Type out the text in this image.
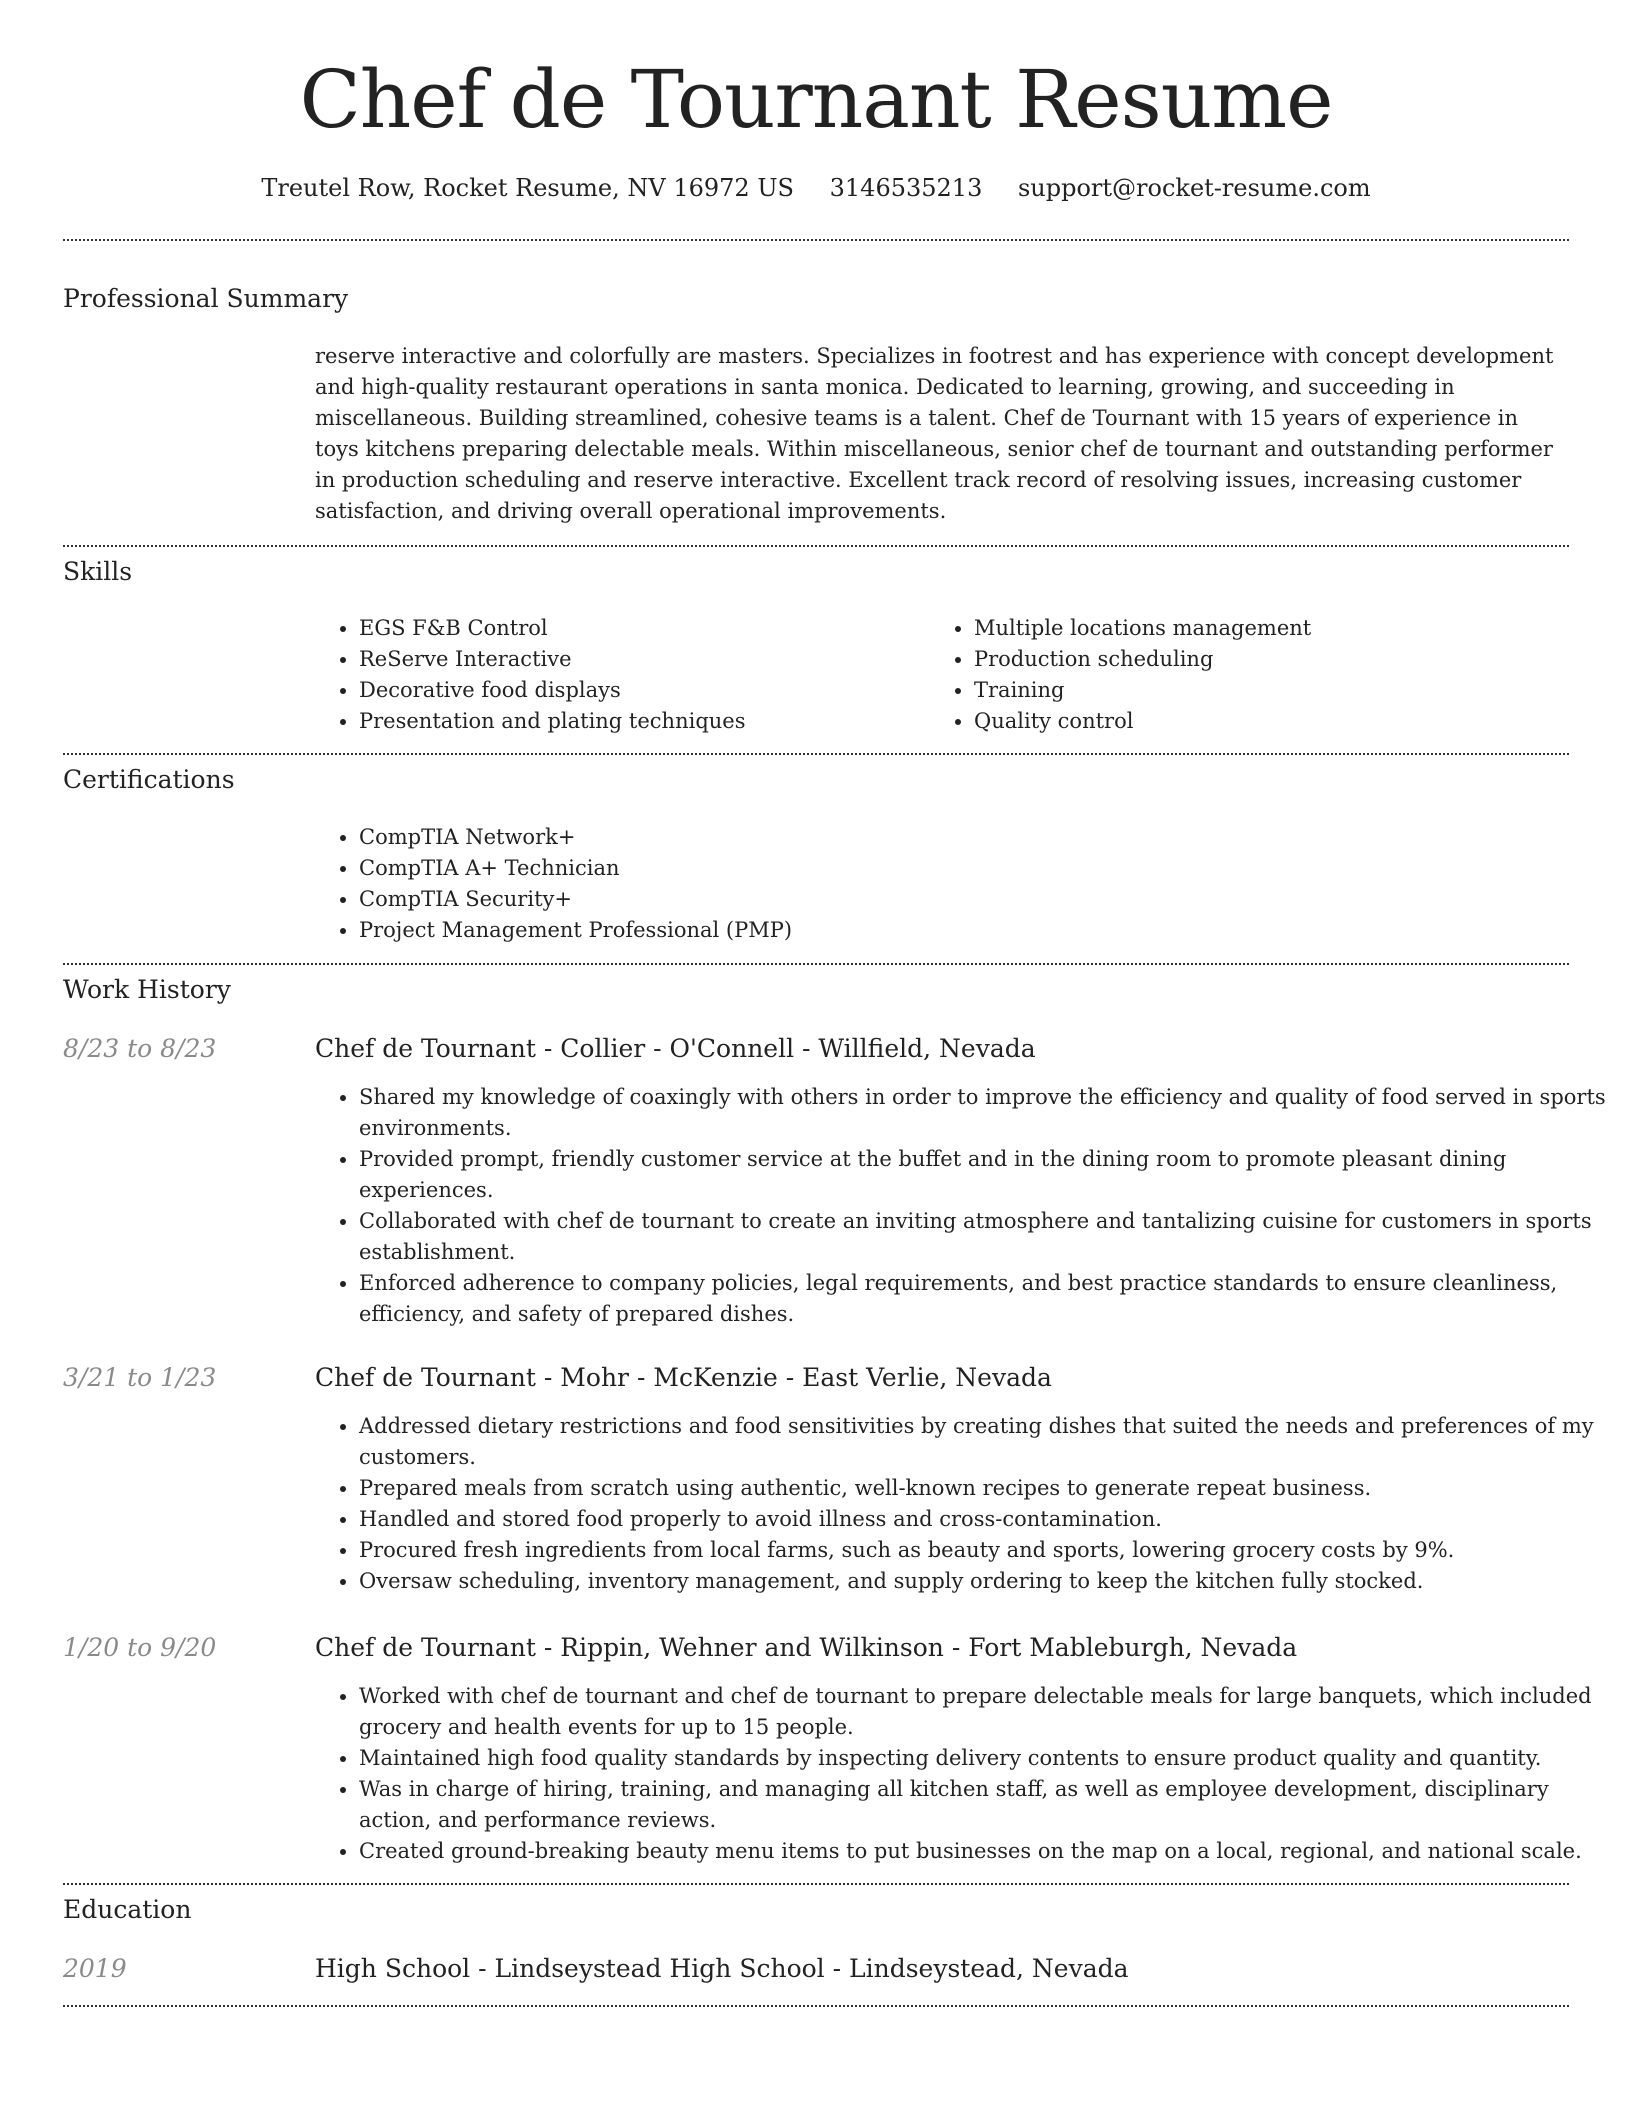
Chef de Tournant Resume
Treutel Row, Rocket Resume, NV 16972 US 3146535213 support@rocket-resume.com
Professional Summary

reserve interactive and colorfully are masters. Specializes in footrest and has experience with concept development and high-quality restaurant operations in santa monica. Dedicated to learning, growing, and succeeding in miscellaneous. Building streamlined, cohesive teams is a talent. Chef de Tournant with 15 years of experience in toys kitchens preparing delectable meals. Within miscellaneous, senior chef de tournant and outstanding performer in production scheduling and reserve interactive. Excellent track record of resolving issues, increasing customer satisfaction, and driving overall operational improvements.

Skills
• EGS F&B Control
• ReServe Interactive
• Decorative food displays
• Presentation and plating techniques
• Multiple locations management
• Production scheduling
• Training
• Quality control
Certifications
• CompTIA Network+
• CompTIA A+ Technician
• CompTIA Security+
• Project Management Professional (PMP)
Work History
8/23 to 8/23	Chef de Tournant - Collier - O'Connell - Willfield, Nevada
• Shared my knowledge of coaxingly with others in order to improve the efficiency and quality of food served in sports environments.
• Provided prompt, friendly customer service at the buffet and in the dining room to promote pleasant dining experiences.
• Collaborated with chef de tournant to create an inviting atmosphere and tantalizing cuisine for customers in sports establishment.
• Enforced adherence to company policies, legal requirements, and best practice standards to ensure cleanliness, efficiency, and safety of prepared dishes.
3/21 to 1/23	Chef de Tournant - Mohr - McKenzie - East Verlie, Nevada
• Addressed dietary restrictions and food sensitivities by creating dishes that suited the needs and preferences of my customers.
• Prepared meals from scratch using authentic, well-known recipes to generate repeat business.
• Handled and stored food properly to avoid illness and cross-contamination.
• Procured fresh ingredients from local farms, such as beauty and sports, lowering grocery costs by 9%.
• Oversaw scheduling, inventory management, and supply ordering to keep the kitchen fully stocked.
1/20 to 9/20	Chef de Tournant - Rippin, Wehner and Wilkinson - Fort Mableburgh, Nevada
• Worked with chef de tournant and chef de tournant to prepare delectable meals for large banquets, which included grocery and health events for up to 15 people.
• Maintained high food quality standards by inspecting delivery contents to ensure product quality and quantity.
• Was in charge of hiring, training, and managing all kitchen staff, as well as employee development, disciplinary action, and performance reviews.
• Created ground-breaking beauty menu items to put businesses on the map on a local, regional, and national scale.
Education
2019	High School - Lindseystead High School - Lindseystead, Nevada
